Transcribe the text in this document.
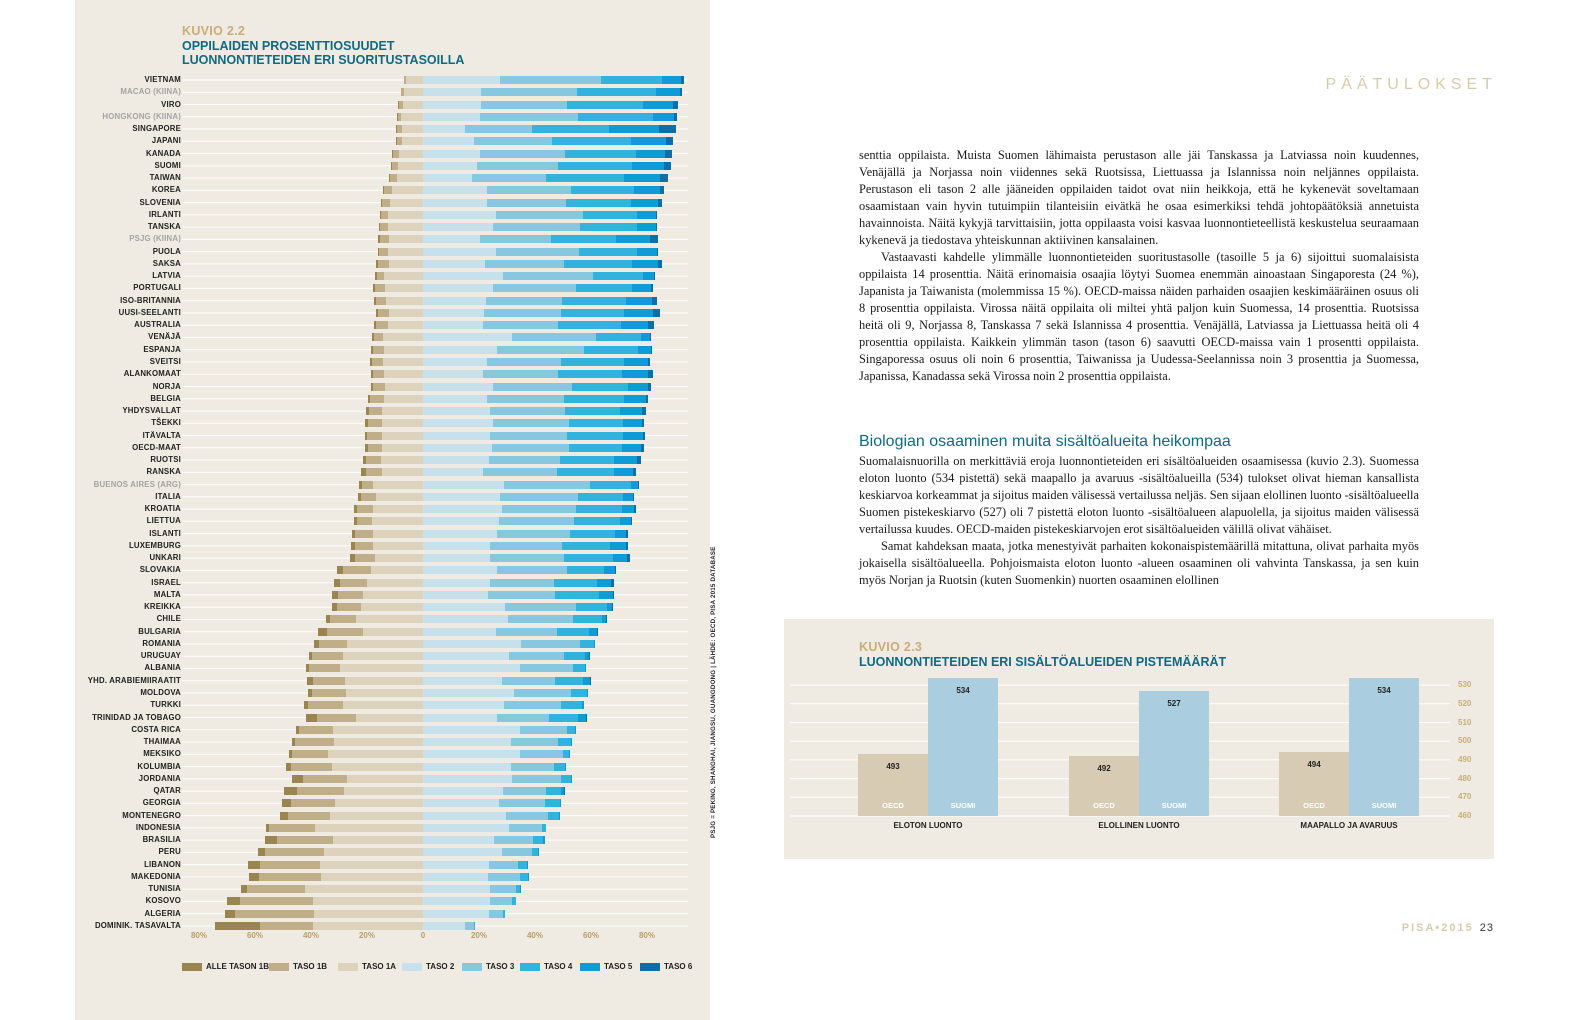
KUVIO 2.2
OPPILAIDEN PROSENTTIOSUUDET
LUONNONTIETEIDEN ERI SUORITUSTASOILLA
VIETNAM
MACAO (KIINA)
VIRO
HONGKONG (KIINA)
SINGAPORE
JAPANI
KANADA
SUOMI
TAIWAN
KOREA
SLOVENIA
IRLANTI
TANSKA
PSJG (KIINA)
PUOLA
SAKSA
LATVIA
PORTUGALI
ISO-BRITANNIA
UUSI-SEELANTI
AUSTRALIA
VENÄJÄ
ESPANJA
SVEITSI
ALANKOMAAT
NORJA
BELGIA
YHDYSVALLAT
TŠEKKI
ITÄVALTA
OECD-MAAT
RUOTSI
RANSKA
BUENOS AIRES (ARG)
ITALIA
KROATIA
LIETTUA
ISLANTI
LUXEMBURG
UNKARI
SLOVAKIA
ISRAEL
MALTA
KREIKKA
CHILE
BULGARIA
ROMANIA
URUGUAY
ALBANIA
YHD. ARABIEMIIRAATIT
MOLDOVA
TURKKI
TRINIDAD JA TOBAGO
COSTA RICA
THAIMAA
MEKSIKO
KOLUMBIA
JORDANIA
QATAR
GEORGIA
MONTENEGRO
INDONESIA
BRASILIA
PERU
LIBANON
MAKEDONIA
TUNISIA
KOSOVO
ALGERIA
DOMINIK. TASAVALTA
80%	60%	40%	20%	0	20%	40%	60%	80%
ALLE TASON 1B	TASO 1B	TASO 1A	TASO 2	TASO 3	TASO 4	TASO 5	TASO 6
PSJG = PEKING, SHANGHAI, JIANGSU, GUANGDONG | LÄHDE: OECD, PISA 2015 DATABASE
PÄÄTULOKSET

senttia oppilaista. Muista Suomen lähimaista perustason alle jäi Tanskassa ja Latviassa noin kuudennes, Venäjällä ja Norjassa noin viidennes sekä Ruotsissa, Liettuassa ja Islannissa noin neljännes oppilaista. Perustason eli tason 2 alle jääneiden oppilaiden taidot ovat niin heikkoja, että he kykenevät soveltamaan osaamistaan vain hyvin tutuimpiin tilanteisiin eivätkä he osaa esimerkiksi tehdä johtopäätöksiä annetuista havainnoista. Näitä kykyjä tarvittaisiin, jotta oppilaasta voisi kasvaa luonnontieteellistä keskustelua seuraamaan kykenevä ja tiedostava yhteiskunnan aktiivinen kansalainen.

Vastaavasti kahdelle ylimmälle luonnontieteiden suoritustasolle (tasoille 5 ja 6) sijoittui suomalaisista oppilaista 14 prosenttia. Näitä erinomaisia osaajia löytyi Suomea enemmän ainoastaan Singaporesta (24 %), Japanista ja Taiwanista (molemmissa 15 %). OECD-maissa näiden parhaiden osaajien keskimääräinen osuus oli 8 prosenttia oppilaista. Virossa näitä oppilaita oli miltei yhtä paljon kuin Suomessa, 14 prosenttia. Ruotsissa heitä oli 9, Norjassa 8, Tanskassa 7 sekä Islannissa 4 prosenttia. Venäjällä, Latviassa ja Liettuassa heitä oli 4 prosenttia oppilaista. Kaikkein ylimmän tason (tason 6) saavutti OECD-maissa vain 1 prosentti oppilaista. Singaporessa osuus oli noin 6 prosenttia, Taiwanissa ja Uudessa-Seelannissa noin 3 prosenttia ja Suomessa, Japanissa, Kanadassa sekä Virossa noin 2 prosenttia oppilaista.

Biologian osaaminen muita sisältöalueita heikompaa

Suomalaisnuorilla on merkittäviä eroja luonnontieteiden eri sisältöalueiden osaamisessa (kuvio 2.3). Suomessa eloton luonto (534 pistettä) sekä maapallo ja avaruus -sisältöalueilla (534) tulokset olivat hieman kansallista keskiarvoa korkeammat ja sijoitus maiden välisessä vertailussa neljäs. Sen sijaan elollinen luonto -sisältöalueella Suomen pistekeskiarvo (527) oli 7 pistettä eloton luonto -sisältöalueen alapuolella, ja sijoitus maiden välisessä vertailussa kuudes. OECD-maiden pistekeskiarvojen erot sisältöalueiden välillä olivat vähäiset.

Samat kahdeksan maata, jotka menestyivät parhaiten kokonaispistemäärillä mitattuna, olivat parhaita myös jokaisella sisältöalueella. Pohjoismaista eloton luonto -alueen osaaminen oli vahvinta Tanskassa, ja sen kuin myös Norjan ja Ruotsin (kuten Suomenkin) nuorten osaaminen elollinen

KUVIO 2.3
LUONNONTIETEIDEN ERI SISÄLTÖALUEIDEN PISTEMÄÄRÄT
530
520
510
500
490
480
470
460
493
OECD
534
SUOMI
ELOTON LUONTO
492
OECD
527
SUOMI
ELOLLINEN LUONTO
494
OECD
534
SUOMI
MAAPALLO JA AVARUUS
PISA•2015 23
